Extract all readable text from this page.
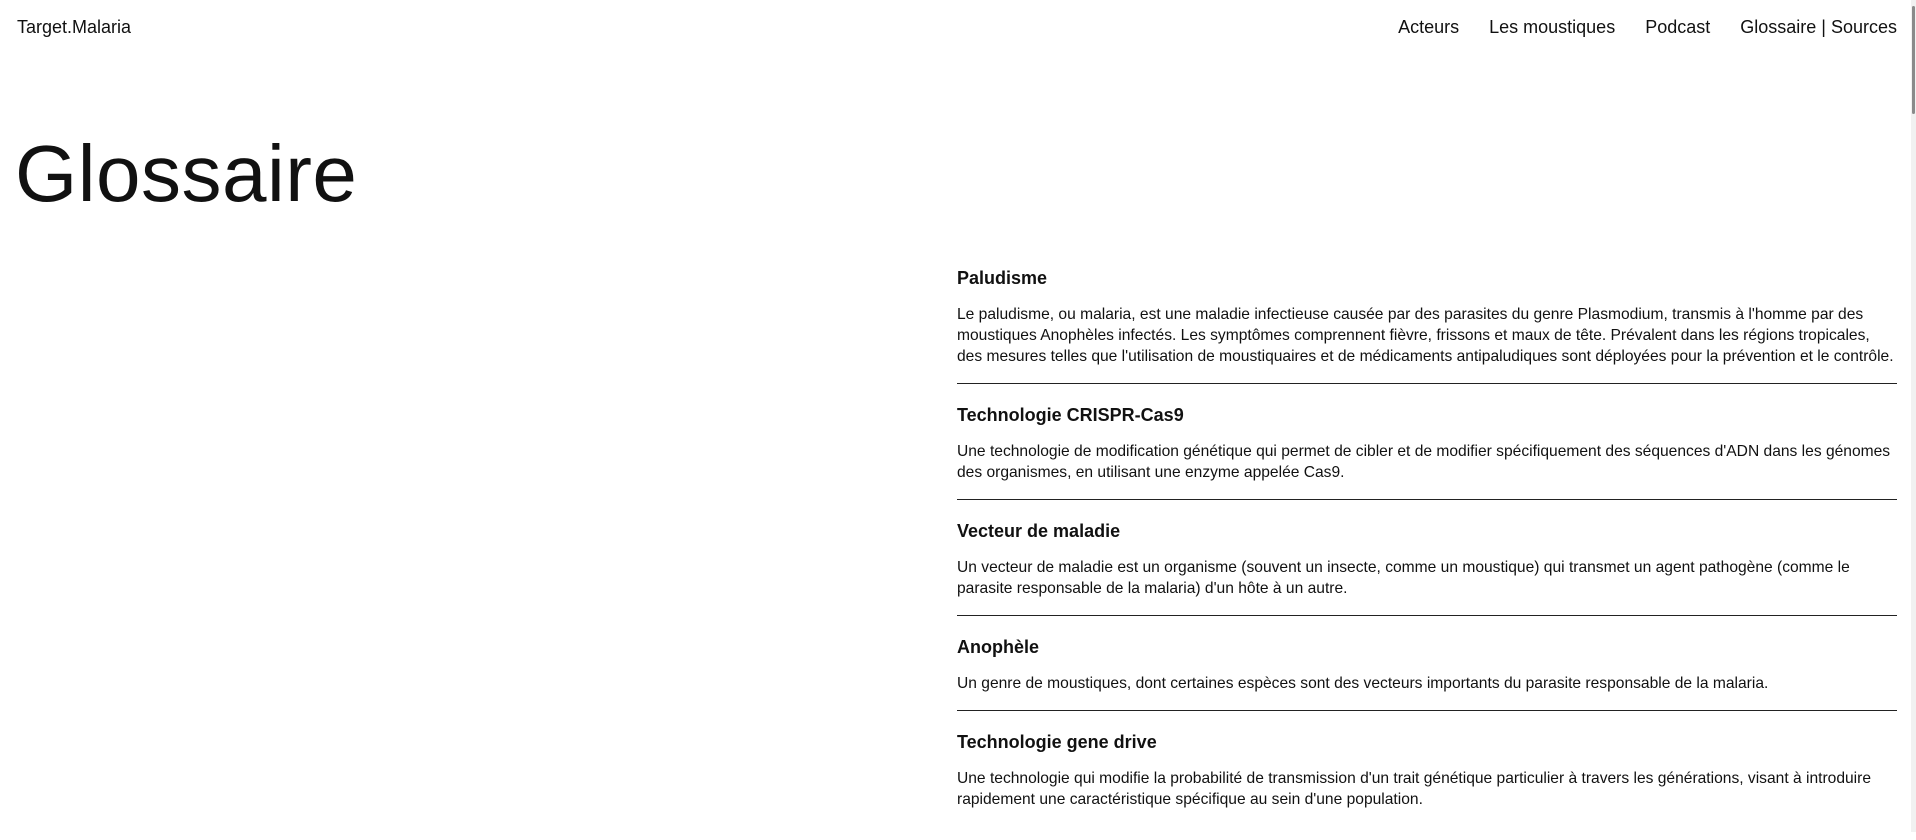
Target.Malaria	Acteurs Les moustiques Podcast Glossaire | Sources
Glossaire
Paludisme

Le paludisme, ou malaria, est une maladie infectieuse causée par des parasites du genre Plasmodium, transmis à l'homme par des moustiques Anophèles infectés. Les symptômes comprennent fièvre, frissons et maux de tête. Prévalent dans les régions tropicales, des mesures telles que l'utilisation de moustiquaires et de médicaments antipaludiques sont déployées pour la prévention et le contrôle.

Technologie CRISPR-Cas9

Une technologie de modification génétique qui permet de cibler et de modifier spécifiquement des séquences d'ADN dans les génomes des organismes, en utilisant une enzyme appelée Cas9.

Vecteur de maladie

Un vecteur de maladie est un organisme (souvent un insecte, comme un moustique) qui transmet un agent pathogène (comme le parasite responsable de la malaria) d'un hôte à un autre.

Anophèle

Un genre de moustiques, dont certaines espèces sont des vecteurs importants du parasite responsable de la malaria.

Technologie gene drive

Une technologie qui modifie la probabilité de transmission d'un trait génétique particulier à travers les générations, visant à introduire rapidement une caractéristique spécifique au sein d'une population.
